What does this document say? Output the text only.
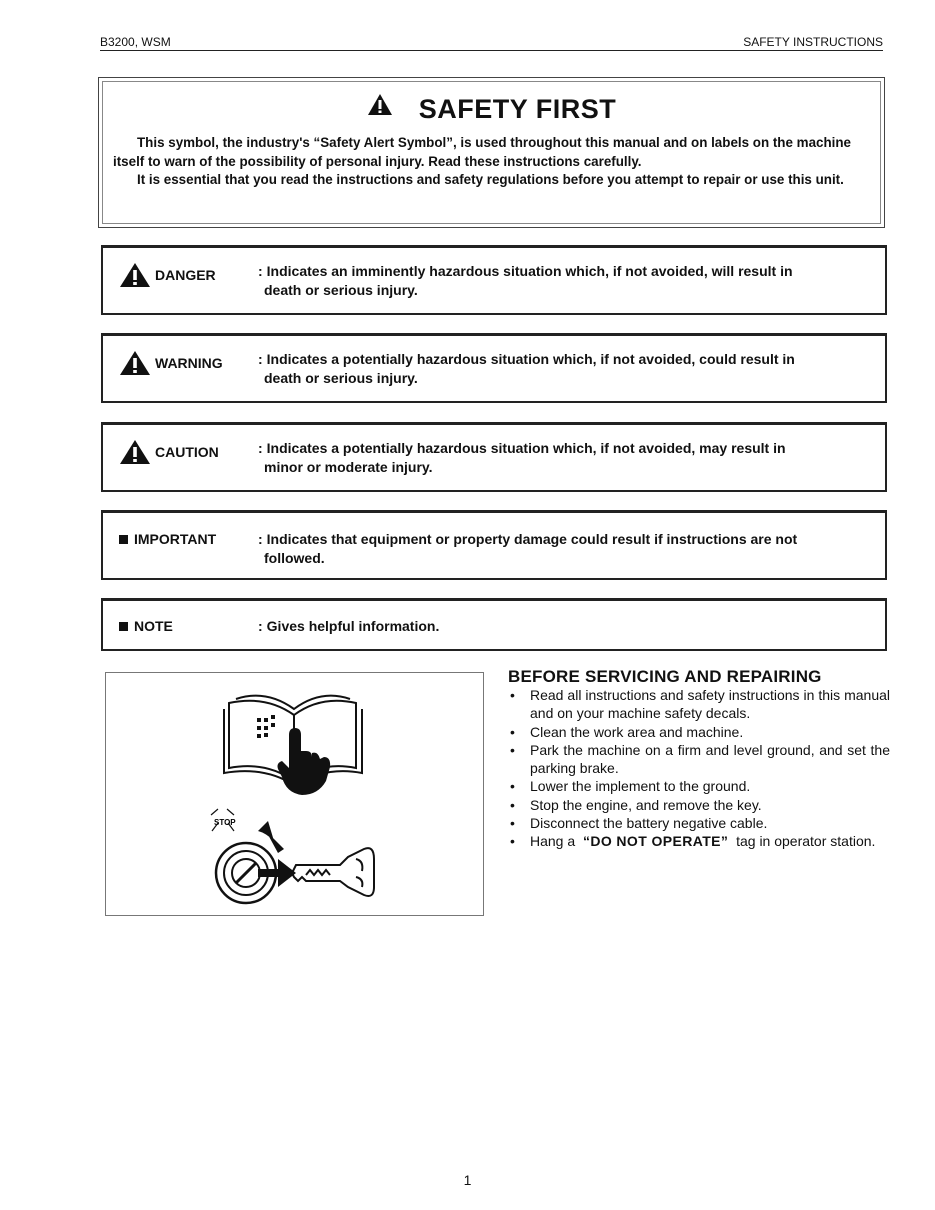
B3200, WSM	SAFETY INSTRUCTIONS
SAFETY FIRST

This symbol, the industry's “Safety Alert Symbol”, is used throughout this manual and on labels on the machine itself to warn of the possibility of personal injury. Read these instructions carefully.

It is essential that you read the instructions and safety regulations before you attempt to repair or use this unit.

DANGER	: Indicates an imminently hazardous situation which, if not avoided, will result in
death or serious injury.
WARNING	: Indicates a potentially hazardous situation which, if not avoided, could result in
death or serious injury.
CAUTION	: Indicates a potentially hazardous situation which, if not avoided, may result in
minor or moderate injury.
IMPORTANT	: Indicates that equipment or property damage could result if instructions are not
followed.
NOTE	: Gives helpful information.
STOP
BEFORE SERVICING AND REPAIRING
• Read all instructions and safety instructions in this manual and on your machine safety decals.
• Clean the work area and machine.
• Park the machine on a firm and level ground, and set the parking brake.
• Lower the implement to the ground.
• Stop the engine, and remove the key.
• Disconnect the battery negative cable.
• Hang a “DO NOT OPERATE” tag in operator station.
1
